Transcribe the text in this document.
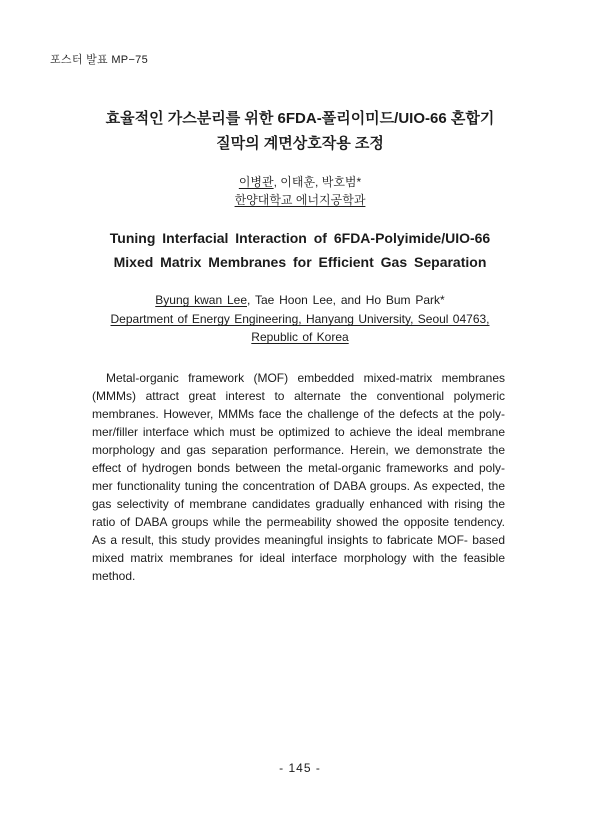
포스터 발표 MP−75
효율적인 가스분리를 위한 6FDA-폴리이미드/UIO-66 혼합기
질막의 계면상호작용 조정
이병관, 이태훈, 박호범*
한양대학교 에너지공학과
Tuning Interfacial Interaction of 6FDA-Polyimide/UIO-66
Mixed Matrix Membranes for Efficient Gas Separation
Byung kwan Lee, Tae Hoon Lee, and Ho Bum Park*
Department of Energy Engineering, Hanyang University, Seoul 04763,
Republic of Korea
Metal-organic framework (MOF) embedded mixed-matrix membranes
(MMMs) attract great interest to alternate the conventional polymeric
membranes. However, MMMs face the challenge of the defects at the poly-
mer/filler interface which must be optimized to achieve the ideal membrane
morphology and gas separation performance. Herein, we demonstrate the
effect of hydrogen bonds between the metal-organic frameworks and poly-
mer functionality tuning the concentration of DABA groups. As expected, the
gas selectivity of membrane candidates gradually enhanced with rising the
ratio of DABA groups while the permeability showed the opposite tendency.
As a result, this study provides meaningful insights to fabricate MOF- based
mixed matrix membranes for ideal interface morphology with the feasible
method.
- 145 -
